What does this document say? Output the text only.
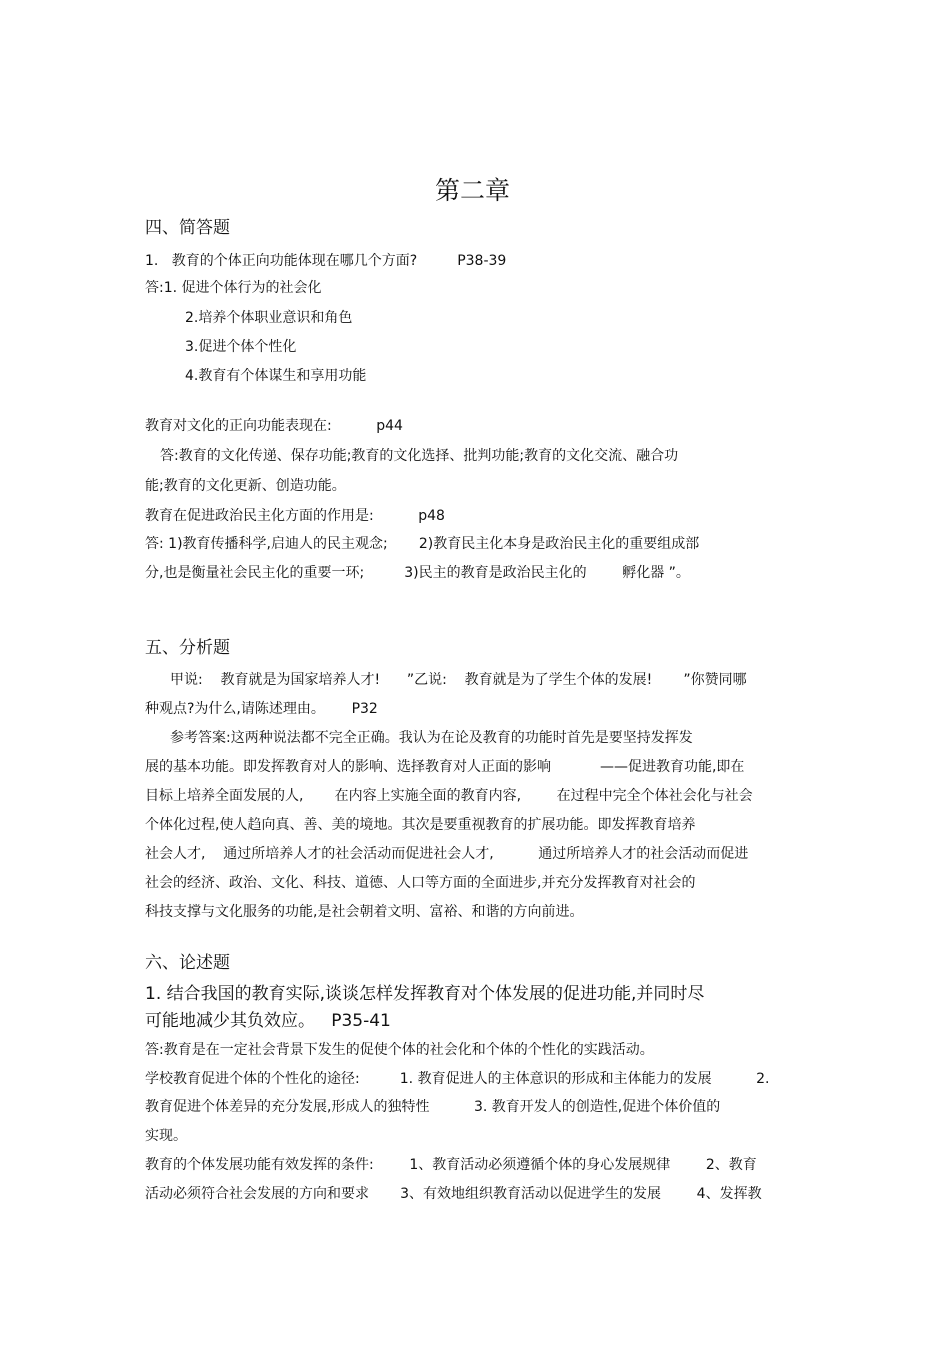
第二章
四、简答题
1.   教育的个体正向功能体现在哪几个方面?         P38-39
答:1. 促进个体行为的社会化
2.培养个体职业意识和角色
3.促进个体个性化
4.教育有个体谋生和享用功能
教育对文化的正向功能表现在:          p44
答:教育的文化传递、保存功能;教育的文化选择、批判功能;教育的文化交流、融合功
能;教育的文化更新、创造功能。
教育在促进政治民主化方面的作用是:          p48
答: 1)教育传播科学,启迪人的民主观念;       2)教育民主化本身是政治民主化的重要组成部
分,也是衡量社会民主化的重要一环;         3)民主的教育是政治民主化的        孵化器 ”。
五、分析题
甲说:    教育就是为国家培养人才!      ”乙说:    教育就是为了学生个体的发展!       ”你赞同哪
种观点?为什么,请陈述理由。      P32
参考答案:这两种说法都不完全正确。我认为在论及教育的功能时首先是要坚持发挥发
展的基本功能。即发挥教育对人的影响、选择教育对人正面的影响           ——促进教育功能,即在
目标上培养全面发展的人,       在内容上实施全面的教育内容,        在过程中完全个体社会化与社会
个体化过程,使人趋向真、善、美的境地。其次是要重视教育的扩展功能。即发挥教育培养
社会人才,    通过所培养人才的社会活动而促进社会人才,          通过所培养人才的社会活动而促进
社会的经济、政治、文化、科技、道德、人口等方面的全面进步,并充分发挥教育对社会的
科技支撑与文化服务的功能,是社会朝着文明、富裕、和谐的方向前进。
六、论述题
1. 结合我国的教育实际,谈谈怎样发挥教育对个体发展的促进功能,并同时尽
可能地减少其负效应。   P35-41
答:教育是在一定社会背景下发生的促使个体的社会化和个体的个性化的实践活动。
学校教育促进个体的个性化的途径:         1. 教育促进人的主体意识的形成和主体能力的发展          2.
教育促进个体差异的充分发展,形成人的独特性          3. 教育开发人的创造性,促进个体价值的
实现。
教育的个体发展功能有效发挥的条件:        1、教育活动必须遵循个体的身心发展规律        2、教育
活动必须符合社会发展的方向和要求       3、有效地组织教育活动以促进学生的发展        4、发挥教
